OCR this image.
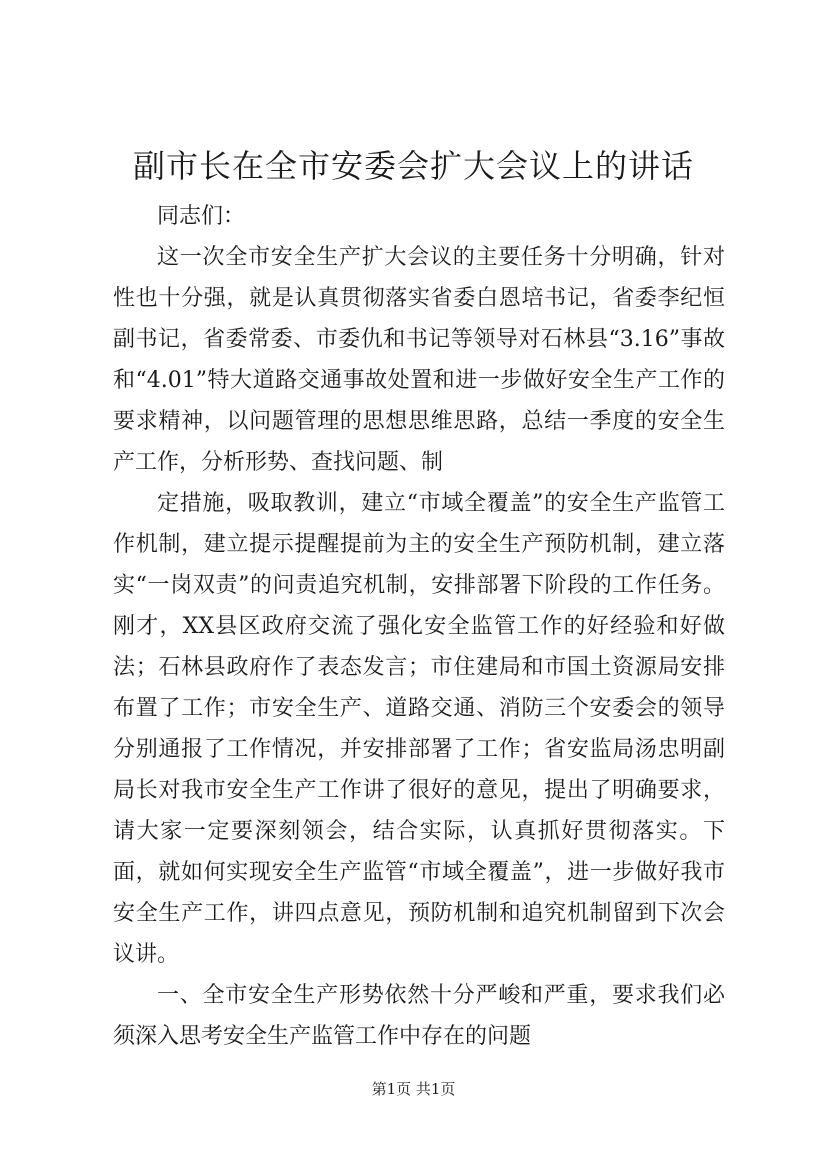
副市长在全市安委会扩大会议上的讲话

同志们：

这一次全市安全生产扩大会议的主要任务十分明确，针对性也十分强，就是认真贯彻落实省委白恩培书记，省委李纪恒副书记，省委常委、市委仇和书记等领导对石林县“3.16”事故和“4.01”特大道路交通事故处置和进一步做好安全生产工作的要求精神，以问题管理的思想思维思路，总结一季度的安全生产工作，分析形势、查找问题、制

定措施，吸取教训，建立“市域全覆盖”的安全生产监管工作机制，建立提示提醒提前为主的安全生产预防机制，建立落实“一岗双责”的问责追究机制，安排部署下阶段的工作任务。刚才，XX县区政府交流了强化安全监管工作的好经验和好做法；石林县政府作了表态发言；市住建局和市国土资源局安排布置了工作；市安全生产、道路交通、消防三个安委会的领导分别通报了工作情况，并安排部署了工作；省安监局汤忠明副局长对我市安全生产工作讲了很好的意见，提出了明确要求，请大家一定要深刻领会，结合实际，认真抓好贯彻落实。下面，就如何实现安全生产监管“市域全覆盖”，进一步做好我市安全生产工作，讲四点意见，预防机制和追究机制留到下次会议讲。

一、全市安全生产形势依然十分严峻和严重，要求我们必须深入思考安全生产监管工作中存在的问题

第1页 共1页
